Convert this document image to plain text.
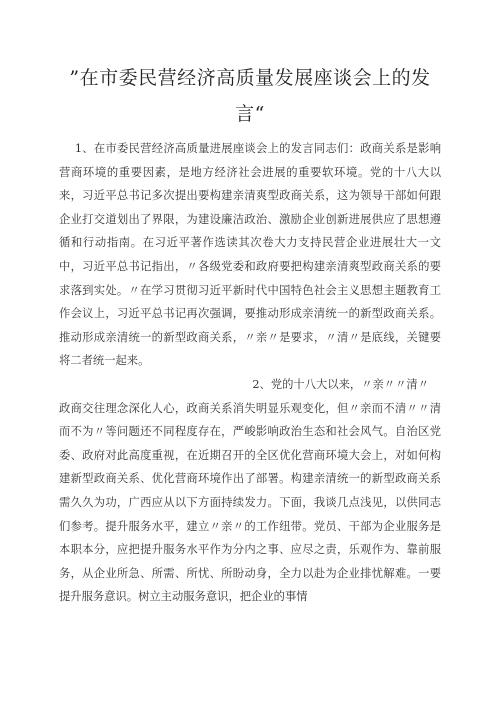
”在市委民营经济高质量发展座谈会上的发
言“

1、在市委民营经济高质量进展座谈会上的发言同志们：政商关系是影响营商环境的重要因素，是地方经济社会进展的重要软环境。党的十八大以来，习近平总书记多次提出要构建亲清爽型政商关系，这为领导干部如何跟企业打交道划出了界限，为建设廉洁政治、激励企业创新进展供应了思想遵循和行动指南。在习近平著作选读其次卷大力支持民营企业进展壮大一文中，习近平总书记指出，〃各级党委和政府要把构建亲清爽型政商关系的要求落到实处。〃在学习贯彻习近平新时代中国特色社会主义思想主题教育工作会议上，习近平总书记再次强调，要推动形成亲清统一的新型政商关系。推动形成亲清统一的新型政商关系，〃亲〃是要求，〃清〃是底线，关键要将二者统一起来。

2、党的十八大以来，〃亲〃〃清〃

政商交往理念深化人心，政商关系消失明显乐观变化，但〃亲而不清〃〃清而不为〃等问题还不同程度存在，严峻影响政治生态和社会风气。自治区党委、政府对此高度重视，在近期召开的全区优化营商环境大会上，对如何构建新型政商关系、优化营商环境作出了部署。构建亲清统一的新型政商关系需久久为功，广西应从以下方面持续发力。下面，我谈几点浅见，以供同志们参考。提升服务水平，建立〃亲〃的工作纽带。党员、干部为企业服务是本职本分，应把提升服务水平作为分内之事、应尽之责，乐观作为、靠前服务，从企业所急、所需、所忧、所盼动身，全力以赴为企业排忧解难。一要提升服务意识。树立主动服务意识，把企业的事情
